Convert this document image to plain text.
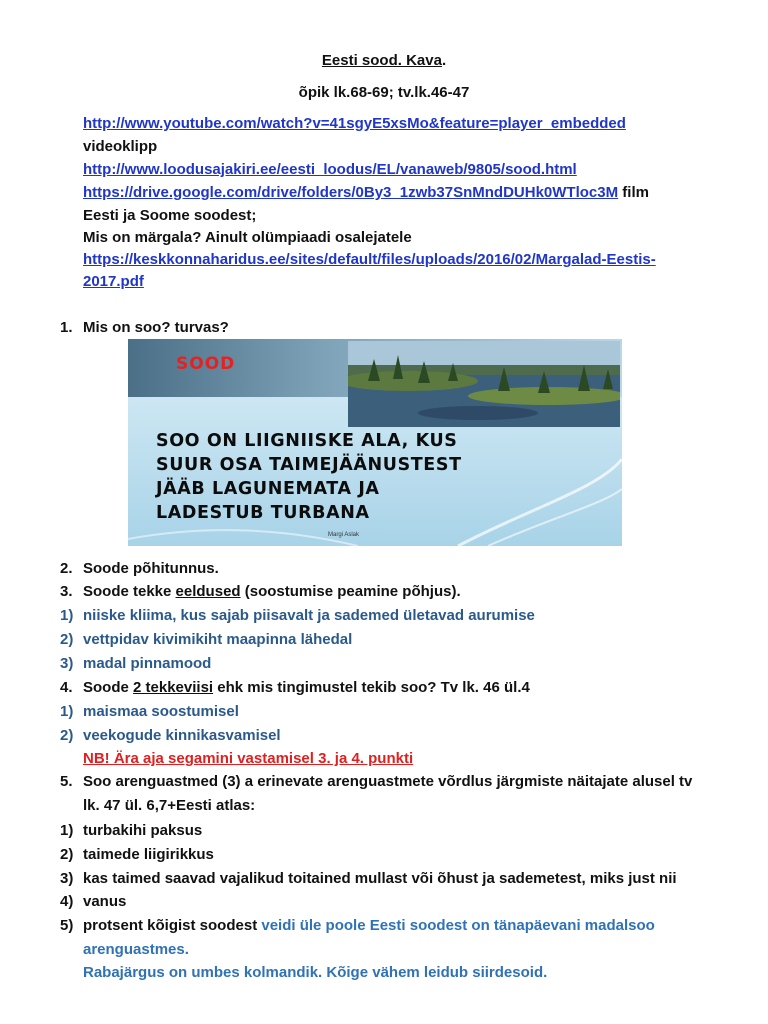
Eesti sood. Kava.
õpik lk.68-69; tv.lk.46-47
http://www.youtube.com/watch?v=41sgyE5xsMo&feature=player_embedded
videoklipp
http://www.loodusajakiri.ee/eesti_loodus/EL/vanaweb/9805/sood.html
https://drive.google.com/drive/folders/0By3_1zwb37SnMndDUHk0WTloc3M film
Eesti ja Soome soodest;
Mis on märgala? Ainult olümpiaadi osalejatele
https://keskkonnaharidus.ee/sites/default/files/uploads/2016/02/Margalad-Eestis-
2017.pdf
1. Mis on soo? turvas?
SOOD
SOO ON LIIGNIISKE ALA, KUS
SUUR OSA TAIMEJÄÄNUSTEST
JÄÄB LAGUNEMATA JA
LADESTUB TURBANA
Margi Aslak
2. Soode põhitunnus.
3. Soode tekke eeldused (soostumise peamine põhjus).
1) niiske kliima, kus sajab piisavalt ja sademed ületavad aurumise
2) vettpidav kivimikiht maapinna lähedal
3) madal pinnamood
4. Soode 2 tekkeviisi ehk mis tingimustel tekib soo? Tv lk. 46 ül.4
1) maismaa soostumisel
2) veekogude kinnikasvamisel
NB! Ära aja segamini vastamisel 3. ja 4. punkti
5. Soo arenguastmed (3) a erinevate arenguastmete võrdlus järgmiste näitajate alusel tv
lk. 47 ül. 6,7+Eesti atlas:
1) turbakihi paksus
2) taimede liigirikkus
3) kas taimed saavad vajalikud toitained mullast või õhust ja sademetest, miks just nii
4) vanus
5) protsent kõigist soodest veidi üle poole Eesti soodest on tänapäevani madalsoo
arenguastmes.
Rabajärgus on umbes kolmandik. Kõige vähem leidub siirdesoid.
